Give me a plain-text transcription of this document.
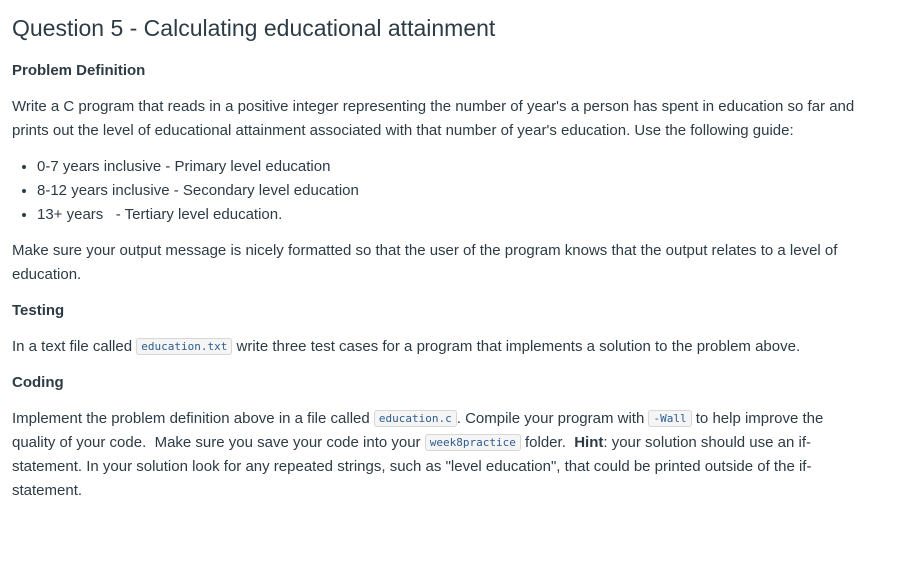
Question 5 - Calculating educational attainment
Problem Definition

Write a C program that reads in a positive integer representing the number of year's a person has spent in education so far and prints out the level of educational attainment associated with that number of year's education. Use the following guide:

• 0-7 years inclusive - Primary level education
• 8-12 years inclusive - Secondary level education
• 13+ years   - Tertiary level education.

Make sure your output message is nicely formatted so that the user of the program knows that the output relates to a level of education.

Testing

In a text file called education.txt write three test cases for a program that implements a solution to the problem above.

Coding

Implement the problem definition above in a file called education.c . Compile your program with -Wall to help improve the quality of your code.  Make sure you save your code into your week8practice folder.  Hint: your solution should use an if-statement. In your solution look for any repeated strings, such as "level education", that could be printed outside of the if-statement.
